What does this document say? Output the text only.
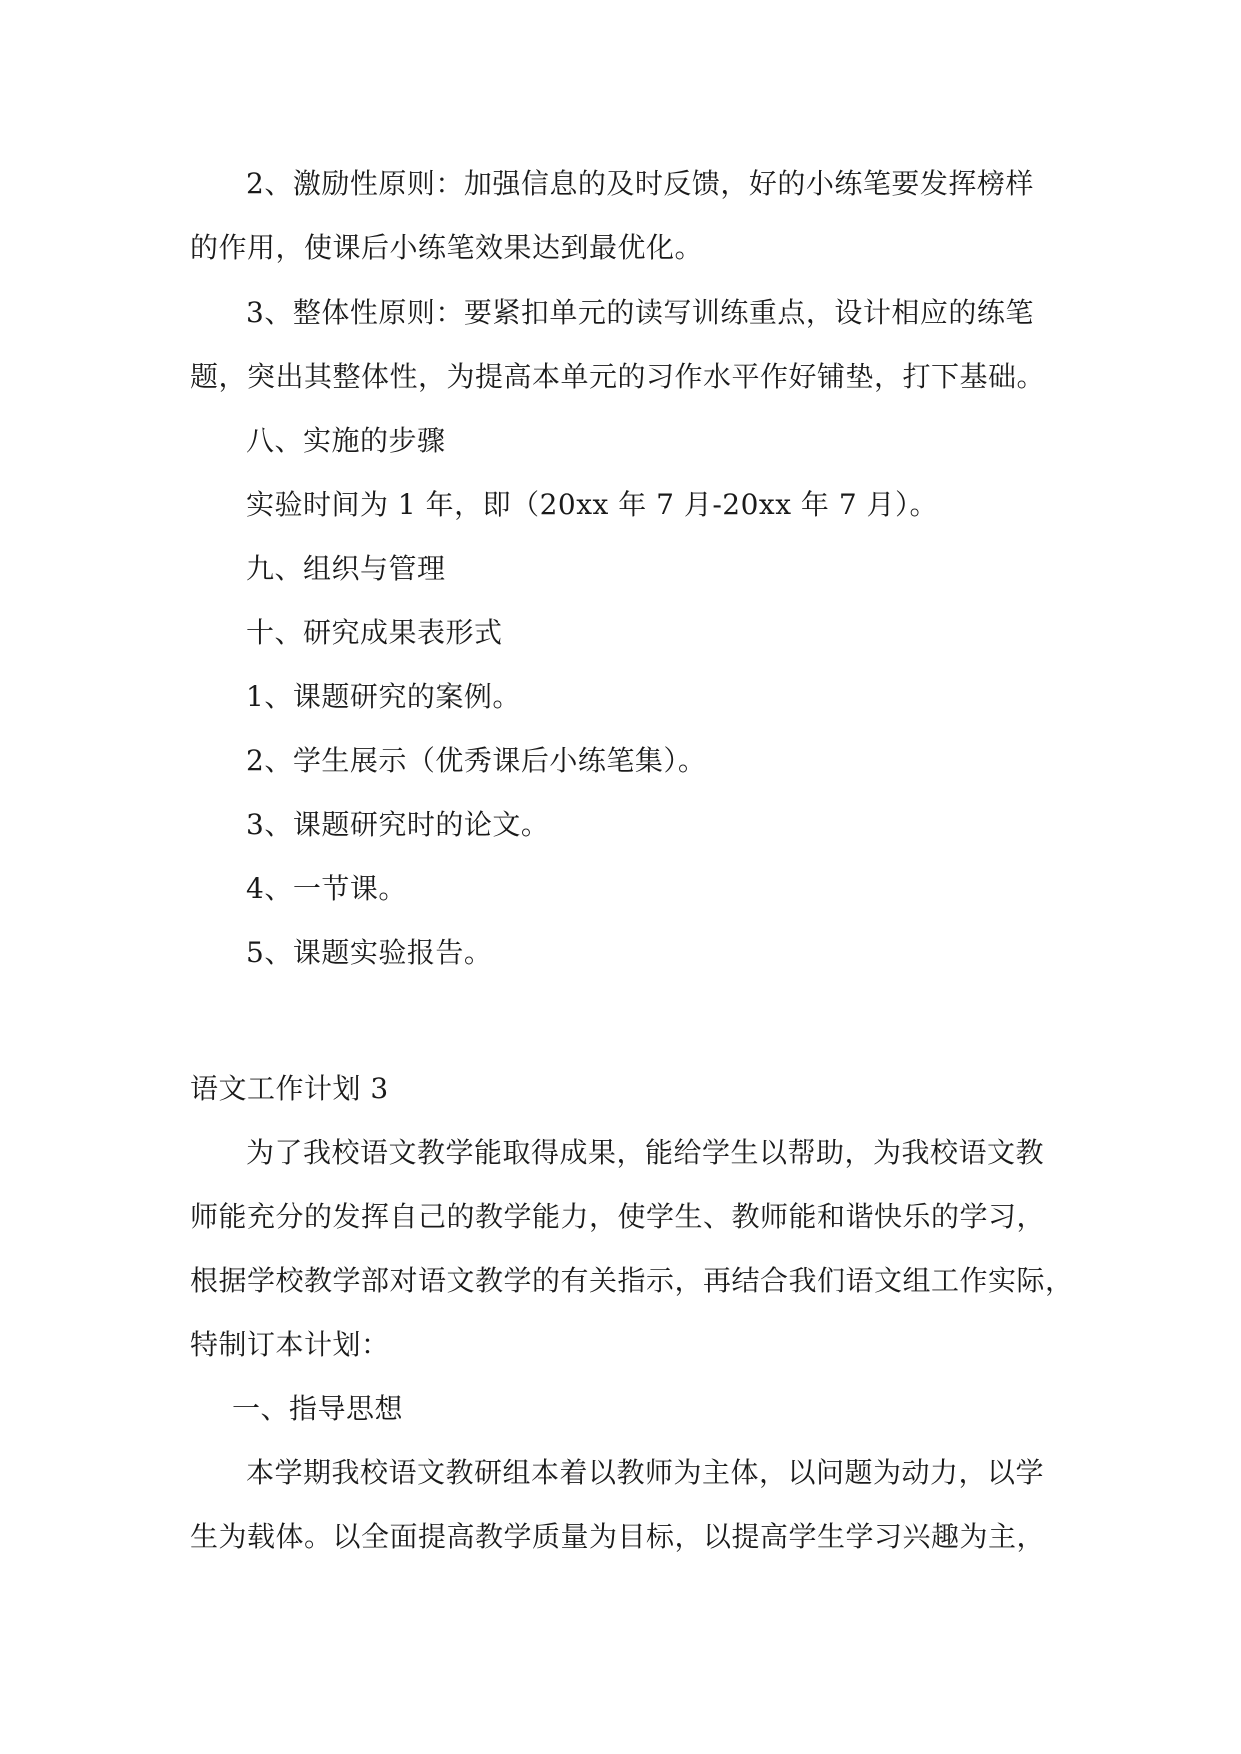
2、激励性原则：加强信息的及时反馈，好的小练笔要发挥榜样
的作用，使课后小练笔效果达到最优化。
3、整体性原则：要紧扣单元的读写训练重点，设计相应的练笔
题，突出其整体性，为提高本单元的习作水平作好铺垫，打下基础。
八、实施的步骤
实验时间为 1 年，即（20xx 年 7 月-20xx 年 7 月）。
九、组织与管理
十、研究成果表形式
1、课题研究的案例。
2、学生展示（优秀课后小练笔集）。
3、课题研究时的论文。
4、一节课。
5、课题实验报告。
语文工作计划 3
为了我校语文教学能取得成果，能给学生以帮助，为我校语文教
师能充分的发挥自己的教学能力，使学生、教师能和谐快乐的学习，
根据学校教学部对语文教学的有关指示，再结合我们语文组工作实际，
特制订本计划：
一、指导思想
本学期我校语文教研组本着以教师为主体，以问题为动力，以学
生为载体。以全面提高教学质量为目标，以提高学生学习兴趣为主，
